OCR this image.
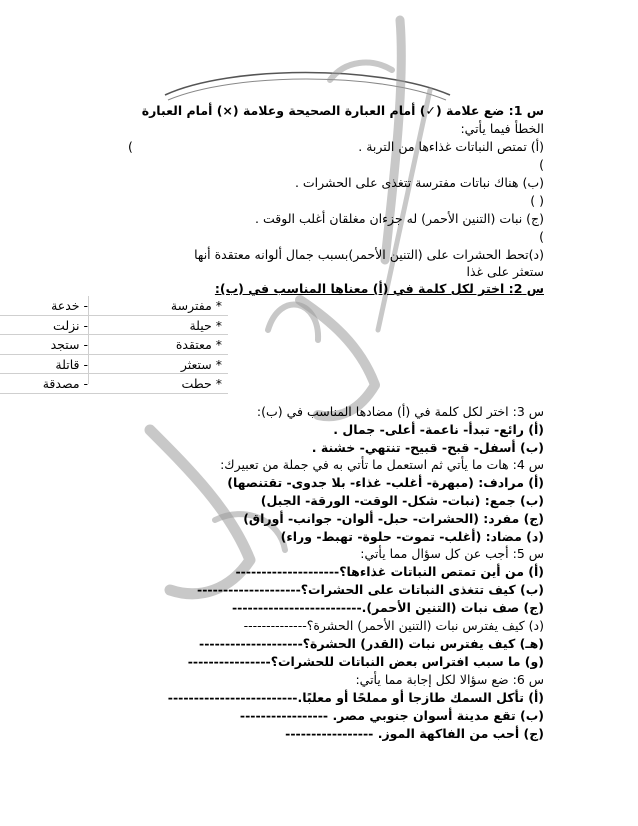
س 1: ضع علامة (✓) أمام العبارة الصحيحة وعلامة (×) أمام العبارة
الخطأ فيما يأتي:
(أ) تمتص النباتات غذاءها من التربة .
(
)
(ب) هناك نباتات مفترسة تتغذى على الحشرات .
( )
(ج) نبات (التنين الأحمر) له جزءان مغلقان أغلب الوقت .
)
(د)تحط الحشرات على (التنين الأحمر)بسبب جمال ألوانه معتقدة أنها
ستعثر على غذا
س 2: اختر لكل كلمة في (أ) معناها المناسب في (ب):
* مفترسة
- خدعة
* حيلة
- نزلت
* معتقدة
- ستجد
* ستعثر
- قاتلة
* حطت
- مصدقة
س 3: اختر لكل كلمة في (أ) مضادها المناسب في (ب):
(أ) رائع- تبدأ- ناعمة- أعلى- جمال .
(ب) أسفل- قبح- قبيح- تنتهي- خشنة .
س 4: هات ما يأتي ثم استعمل ما تأتي به في جملة من تعبيرك:
(أ) مرادف: (مبهرة- أغلب- غذاء- بلا جدوى- تقتنصها)
(ب) جمع: (نبات- شكل- الوقت- الورقة- الجبل)
(ج) مفرد: (الحشرات- حبل- ألوان- جوانب- أوراق)
(د) مضاد: (أغلب- تموت- حلوة- تهبط- وراء)
س 5: أجب عن كل سؤال مما يأتي:
(أ) من أين تمتص النباتات غذاءها؟--------------------
(ب) كيف تتغذى النباتات على الحشرات؟--------------------
(ج) صف نبات (التنين الأحمر).-------------------------
(د) كيف يفترس نبات (التنين الأحمر) الحشرة؟--------------
(هـ) كيف يفترس نبات (القدر) الحشرة؟--------------------
(و) ما سبب افتراس بعض النباتات للحشرات؟----------------
س 6: ضع سؤالا لكل إجابة مما يأتي:
(أ) تأكل السمك طازجا أو مملحًا أو معلبًا.-------------------------
(ب) تقع مدينة أسوان جنوبي مصر. -----------------
(ج) أحب من الفاكهة الموز. -----------------
